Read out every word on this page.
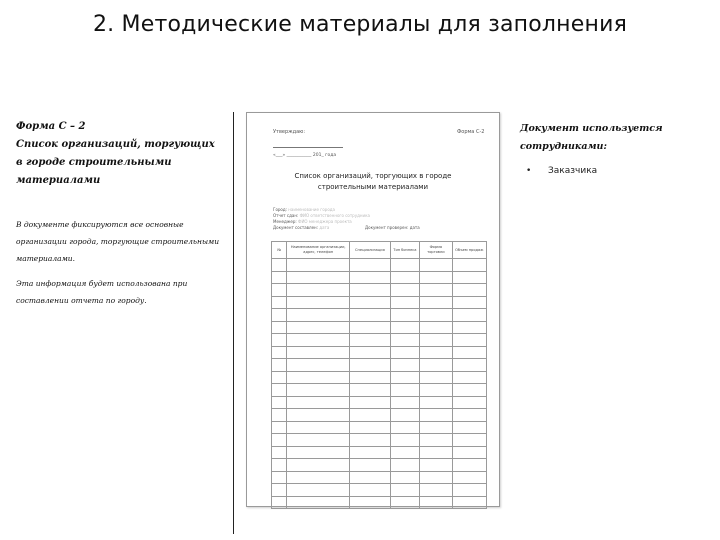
2. Методические материалы для заполнения
Форма С – 2
Список организаций, торгующих в городе строительными материалами

В документе фиксируются все основные организации города, торгующие строительными материалами.

Эта информация будет использована при составлении отчета по городу.

Утверждаю:	Форма С-2
«___» ___________ 201_ года
Список организаций, торгующих в городе строительными материалами
Город: наименование города
Отчет сдан: ФИО ответственного сотрудника
Менеджер: ФИО менеджера проекта
Документ составлен: дата	Документ проверен: дата
№	Наименование организации, адрес, телефон	Специализация	Тип бизнеса	Форма торговли	Объем продаж

Документ используется сотрудниками:
• Заказчика
